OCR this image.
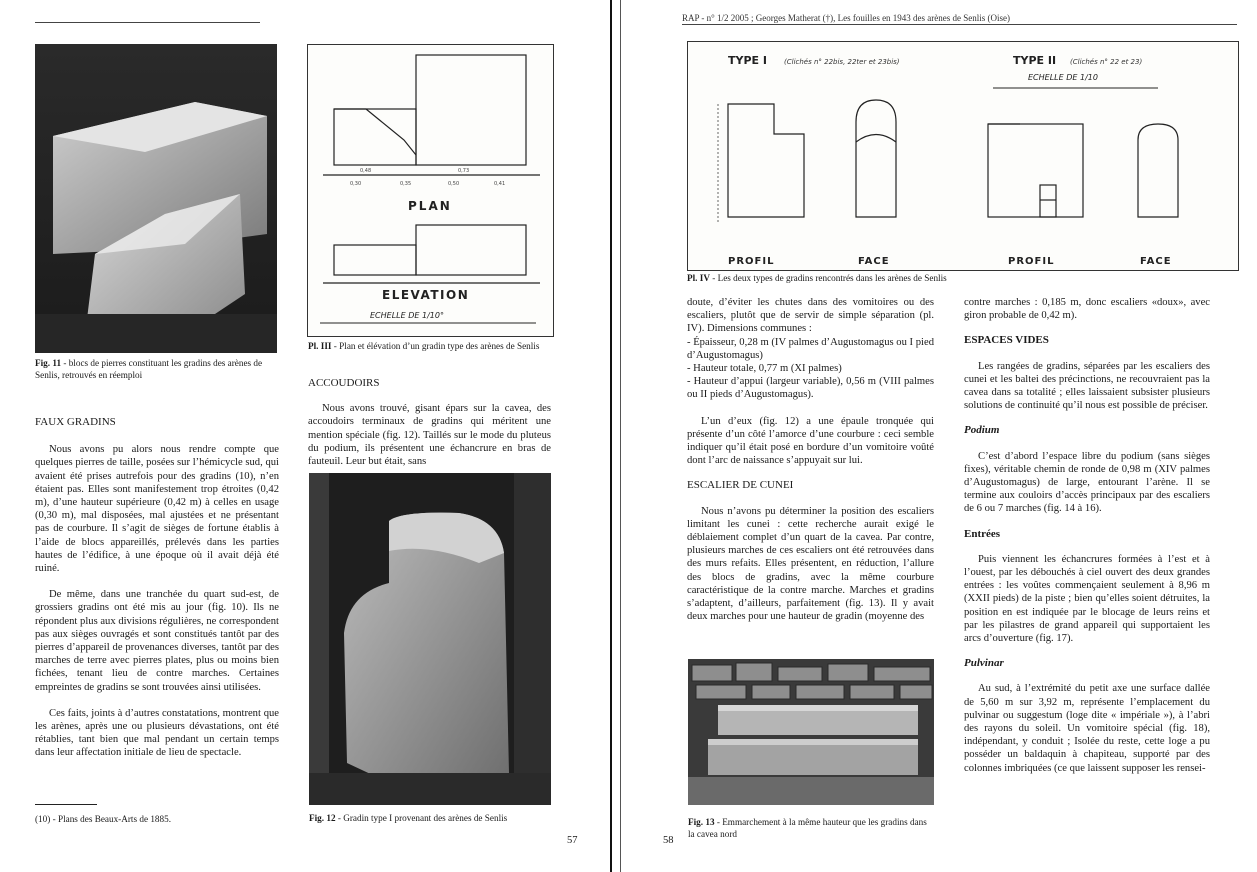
Fig. 11 - blocs de pierres constituant les gradins des arènes de Senlis, retrouvés en réemploi
0,48	0,73
0,30	0,35	0,50	0,41
PLAN
ELEVATION
ECHELLE DE 1/10°
Pl. III - Plan et élévation d’un gradin type des arènes de Senlis

FAUX GRADINS

Nous avons pu alors nous rendre compte que quelques pierres de taille, posées sur l’hémicycle sud, qui avaient été prises autrefois pour des gradins (10), n’en étaient pas. Elles sont manifestement trop étroites (0,42 m), d’une hauteur supérieure (0,42 m) à celles en usage (0,30 m), mal disposées, mal ajustées et ne présentant pas de courbure. Il s’agit de sièges de fortune établis à l’aide de blocs appareillés, prélevés dans les parties hautes de l’édifice, à une époque où il avait déjà été ruiné.

De même, dans une tranchée du quart sud-est, de grossiers gradins ont été mis au jour (fig. 10). Ils ne répondent plus aux divisions régulières, ne correspondent pas aux sièges ouvragés et sont constitués tantôt par des pierres d’appareil de provenances diverses, tantôt par des marches de terre avec pierres plates, plus ou moins bien fichées, tenant lieu de contre marches. Certaines empreintes de gradins se sont trouvées ainsi utilisées.

Ces faits, joints à d’autres constatations, montrent que les arènes, après une ou plusieurs dévastations, ont été rétablies, tant bien que mal pendant un certain temps dans leur affectation initiale de lieu de spectacle.

(10) - Plans des Beaux-Arts de 1885.

ACCOUDOIRS

Nous avons trouvé, gisant épars sur la cavea, des accoudoirs terminaux de gradins qui méritent une mention spéciale (fig. 12). Taillés sur le mode du pluteus du podium, ils présentent une échancrure en bras de fauteuil. Leur but était, sans

Fig. 12 - Gradin type I provenant des arènes de Senlis
57
RAP - n° 1/2 2005 ; Georges Matherat (†), Les fouilles en 1943 des arènes de Senlis (Oise)
TYPE I (Clichés n° 22bis, 22ter et 23bis)	TYPE II (Clichés n° 22 et 23)
ECHELLE DE 1/10
PROFIL	FACE	PROFIL	FACE
Pl. IV - Les deux types de gradins rencontrés dans les arènes de Senlis

doute, d’éviter les chutes dans des vomitoires ou des escaliers, plutôt que de servir de simple séparation (pl. IV). Dimensions communes :

- Épaisseur, 0,28 m (IV palmes d’Augustomagus ou I pied d’Augustomagus)

- Hauteur totale, 0,77 m (XI palmes)

- Hauteur d’appui (largeur variable), 0,56 m (VIII palmes ou II pieds d’Augustomagus).

L’un d’eux (fig. 12) a une épaule tronquée qui présente d’un côté l’amorce d’une courbure : ceci semble indiquer qu’il était posé en bordure d’un vomitoire voûté dont l’arc de naissance s’appuyait sur lui.

ESCALIER DE CUNEI

Nous n’avons pu déterminer la position des escaliers limitant les cunei : cette recherche aurait exigé le déblaiement complet d’un quart de la cavea. Par contre, plusieurs marches de ces escaliers ont été retrouvées dans des murs refaits. Elles présentent, en réduction, l’allure des blocs de gradins, avec la même courbure caractéristique de la contre marche. Marches et gradins s’adaptent, d’ailleurs, parfaitement (fig. 13). Il y avait deux marches pour une hauteur de gradin (moyenne des

Fig. 13 - Emmarchement à la même hauteur que les gradins dans la cavea nord

contre marches : 0,185 m, donc escaliers «doux», avec giron probable de 0,42 m).

ESPACES VIDES

Les rangées de gradins, séparées par les escaliers des cunei et les baltei des précinctions, ne recouvraient pas la cavea dans sa totalité ; elles laissaient subsister plusieurs solutions de continuité qu’il nous est possible de préciser.

Podium

C’est d’abord l’espace libre du podium (sans sièges fixes), véritable chemin de ronde de 0,98 m (XIV palmes d’Augustomagus) de large, entourant l’arène. Il se termine aux couloirs d’accès principaux par des escaliers de 6 ou 7 marches (fig. 14 à 16).

Entrées

Puis viennent les échancrures formées à l’est et à l’ouest, par les débouchés à ciel ouvert des deux grandes entrées : les voûtes commençaient seulement à 8,96 m (XXII pieds) de la piste ; bien qu’elles soient détruites, la position en est indiquée par le blocage de leurs reins et par les pilastres de grand appareil qui supportaient les arcs d’ouverture (fig. 17).

Pulvinar

Au sud, à l’extrémité du petit axe une surface dallée de 5,60 m sur 3,92 m, représente l’emplacement du pulvinar ou suggestum (loge dite « impériale »), à l’abri des rayons du soleil. Un vomitoire spécial (fig. 18), indépendant, y conduit ; Isolée du reste, cette loge a pu posséder un baldaquin à chapiteau, supporté par des colonnes imbriquées (ce que laissent supposer les rensei-

58
